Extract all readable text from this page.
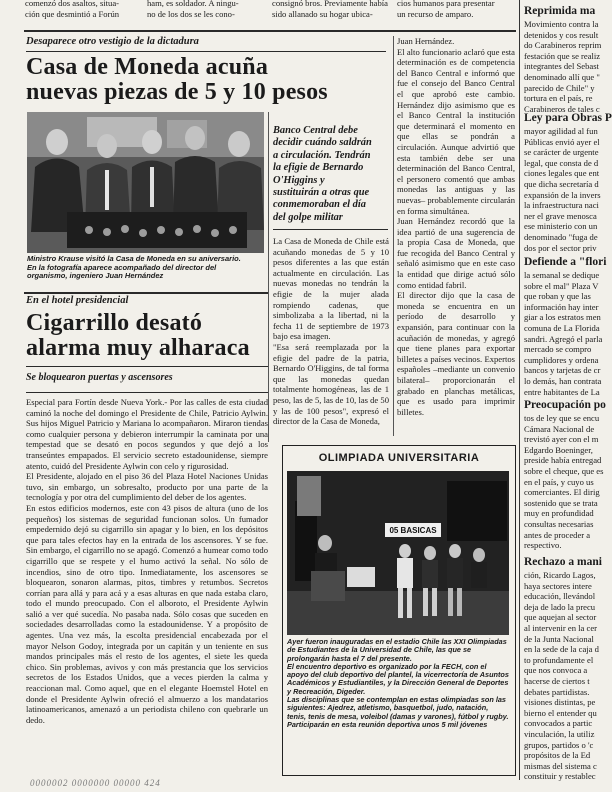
comenzó dos asaltos, situa-
ción que desmintió a Forún

ham, es soldador. A ningu-
no de los dos se les cono-

consignó bros. Previamente había
sido allanado su hogar ubica-

cios humanos para presentar
un recurso de amparo.

Desaparece otro vestigio de la dictadura
Casa de Moneda acuña
nuevas piezas de 5 y 10 pesos

Ministro Krause visitó la Casa de Moneda en su aniversario.
En la fotografía aparece acompañado del director del
organismo, ingeniero Juan Hernández

Banco Central debe
decidir cuándo saldrán
a circulación. Tendrán
la efigie de Bernardo
O'Higgins y
sustituirán a otras que
conmemoraban el día
del golpe militar

La Casa de Moneda de Chile está acuñando monedas de 5 y 10 pesos diferentes a las que están actualmente en circulación. Las nuevas monedas no tendrán la efigie de la mujer alada rompiendo cadenas, que simbolizaba a la libertad, ni la fecha 11 de septiembre de 1973 bajo esa imagen.
"Esa será reemplazada por la efigie del padre de la patria, Bernardo O'Higgins, de tal forma que las monedas quedan totalmente homogéneas, las de 1 peso, las de 5, las de 10, las de 50 y las de 100 pesos", expresó el director de la Casa de Moneda,

Juan Hernández.
El alto funcionario aclaró que esta determinación es de competencia del Banco Central e informó que fue el consejo del Banco Central el que aprobó este cambio. Hernández dijo asimismo que es el Banco Central la institución que determinará el momento en que ellas se pondrán a circulación. Aunque advirtió que esta también debe ser una determinación del Banco Central, el personero comentó que ambas monedas las antiguas y las nuevas– probablemente circularán en forma simultánea.
Juan Hernández recordó que la idea partió de una sugerencia de la propia Casa de Moneda, que fue recogida del Banco Central y señaló asimismo que en este caso la entidad que dirige actuó sólo como entidad fabril.
El director dijo que la casa de moneda se encuentra en un período de desarrollo y expansión, para continuar con la acuñación de monedas, y agregó que tiene planes para exportar billetes a países vecinos. Expertos españoles –mediante un convenio bilateral– proporcionarán el grabado en planchas metálicas, que es usado para imprimir billetes.

En el hotel presidencial
Cigarrillo desató
alarma muy alharaca
Se bloquearon puertas y ascensores

Especial para Fortín desde Nueva York.- Por las calles de esta ciudad caminó la noche del domingo el Presidente de Chile, Patricio Aylwin. Sus hijos Miguel Patricio y Mariana lo acompañaron. Miraron tiendas como cualquier persona y debieron interrumpir la caminata por una tempestad que se desató en pocos segundos y que dejó a los transeúntes empapados. El servicio secreto estadounidense, siempre atento, cuidó del Presidente Aylwin con celo y rigurosidad.
El Presidente, alojado en el piso 36 del Plaza Hotel Naciones Unidas tuvo, sin embargo, un sobresalto, producto por una parte de la tecnología y por otra del cumplimiento del deber de los agentes.
En estos edificios modernos, este con 43 pisos de altura (uno de los pequeños) los sistemas de seguridad funcionan solos. Un fumador empedernido dejó su cigarrillo sin apagar y lo bien, en los depósitos que para tales efectos hay en la entrada de los ascensores. Y se fue. Sin embargo, el cigarrillo no se apagó. Comenzó a humear como todo cigarrillo que se respete y el humo activó la señal. No sólo de incendios, sino de otro tipo. Inmediatamente, los ascensores se bloquearon, sonaron alarmas, pitos, timbres y retumbos. Secretos corrían para allá y para acá y a esas alturas en que nada estaba claro, todo el mundo preocupado. Con el alboroto, el Presidente Aylwin salió a ver qué sucedía. No pasaba nada. Sólo cosas que suceden en sociedades desarrolladas como la estadounidense. Y a propósito de agentes. Una vez más, la escolta presidencial encabezada por el mayor Nelson Godoy, integrada por un capitán y un teniente en sus mandos principales más el resto de los agentes, el siete les queda chico. Sin problemas, avivos y con más prestancia que los servicios secretos de los Estados Unidos, que a veces pierden la calma y reaccionan mal. Como aquel, que en el elegante Hoemstel Hotel en donde el Presidente Aylwin ofreció el almuerzo a los mandatarios latinoamericanos, amenazó a un periodista chileno con quebrarle un dedo.

OLIMPIADA UNIVERSITARIA
05 BASICAS

Ayer fueron inauguradas en el estadio Chile las XXI Olimpiadas de Estudiantes de la Universidad de Chile, las que se prolongarán hasta el 7 del presente.
El encuentro deportivo es organizado por la FECH, con el apoyo del club deportivo del plantel, la vicerrectoría de Asuntos Académicos y Estudiantiles, y la Dirección General de Deportes y Recreación, Digeder.
Las disciplinas que se contemplan en estas olimpiadas son las siguientes: Ajedrez, atletismo, basquetbol, judo, natación, tenis, tenis de mesa, voleibol (damas y varones), fútbol y rugby.
Participarán en esta reunión deportiva unos 5 mil jóvenes

Reprimida ma

Movimiento contra la
detenidos y cos result
do Carabineros reprim
festación que se realiz
integrantes del Sebast
denominado allí que "
parecido de Chile" y
tortura en el país, re
Carabineros de tales c

Ley para Obras P

mayor agilidad al fun
Públicas envió ayer el
se carácter de urgente
legal, que consta de d
ciones legales que ent
que dicha secretaría d
expansión de la invers
la infraestructura naci
ner el grave menosca
ese ministerio con un
denominado "fuga de
dos por el sector priv

Defiende a "flori

la semanal se dedique
sobre el mal" Plaza V
que roban y que las
información hay inter
giar a los estratos men
comuna de La Florida
sandri. Agregó el parla
mercado se compro
cumplidores y ordena
bancos y tarjetas de cr
lo demás, han contrata
entre habitantes de La

Preocupación po

tos de ley que se encu
Cámara Nacional de
trevistó ayer con el m
Edgardo Boeninger,
preside había entregad
sobre el cheque, que es
en el país, y cuyo us
comerciantes. El dirig
sostenido que se trata
muy en profundidad
consultas necesarias
antes de proceder a
respectivo.

Rechazo a mani

ción, Ricardo Lagos,
haya sectores intere
educación, llevándol
deja de lado la precu
que aquejan al sector
al intervenir en la cer
de la Junta Nacional
en la sede de la caja d
to profundamente el
que nos convoca a
hacerse de ciertos t
debates partidistas.
visiones distintas, pe
bierno el entender qu
convocados a partic
vinculación, la utiliz
grupos, partidos o 'c
propósitos de la Ed
mismas del sistema c
constituir y restablec

0000002 0000000 00000 424
